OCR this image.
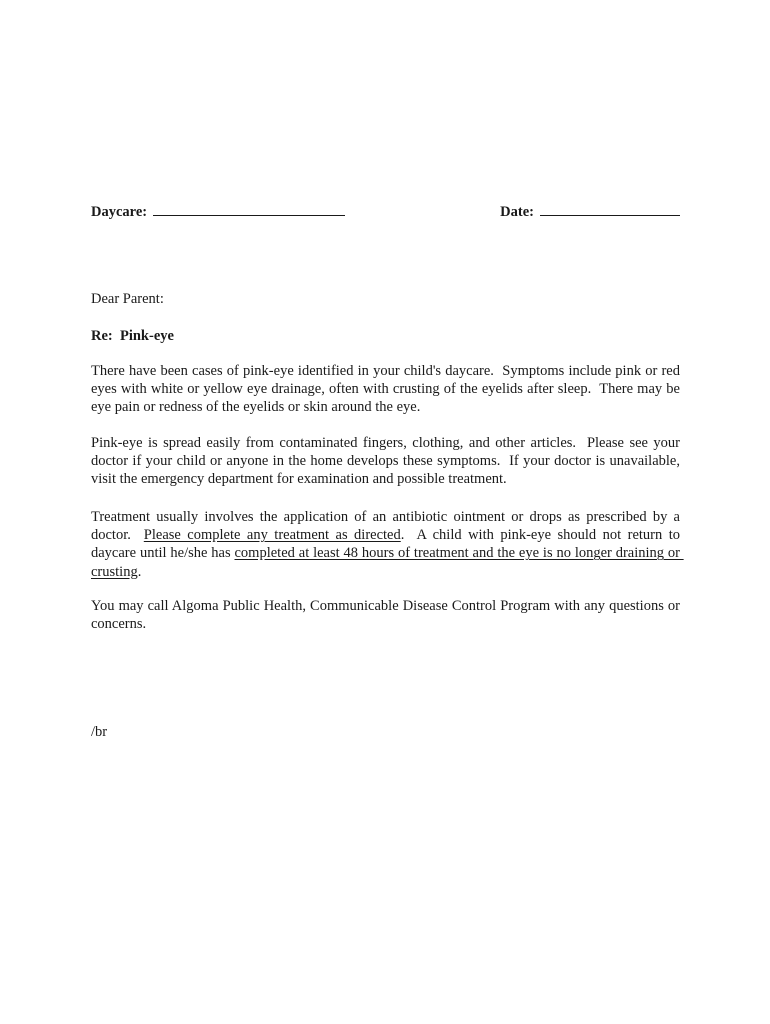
Daycare:	Date:
Dear Parent:
Re:  Pink-eye
There have been cases of pink-eye identified in your child's daycare.  Symptoms include pink or red eyes with white or yellow eye drainage, often with crusting of the eyelids after sleep.  There may be eye pain or redness of the eyelids or skin around the eye.
Pink-eye is spread easily from contaminated fingers, clothing, and other articles.  Please see your doctor if your child or anyone in the home develops these symptoms.  If your doctor is unavailable, visit the emergency department for examination and possible treatment.
Treatment usually involves the application of an antibiotic ointment or drops as prescribed by a doctor.  Please complete any treatment as directed.  A child with pink-eye should not return to daycare until he/she has completed at least 48 hours of treatment and the eye is no longer draining or crusting.
You may call Algoma Public Health, Communicable Disease Control Program with any questions or concerns.
/br
